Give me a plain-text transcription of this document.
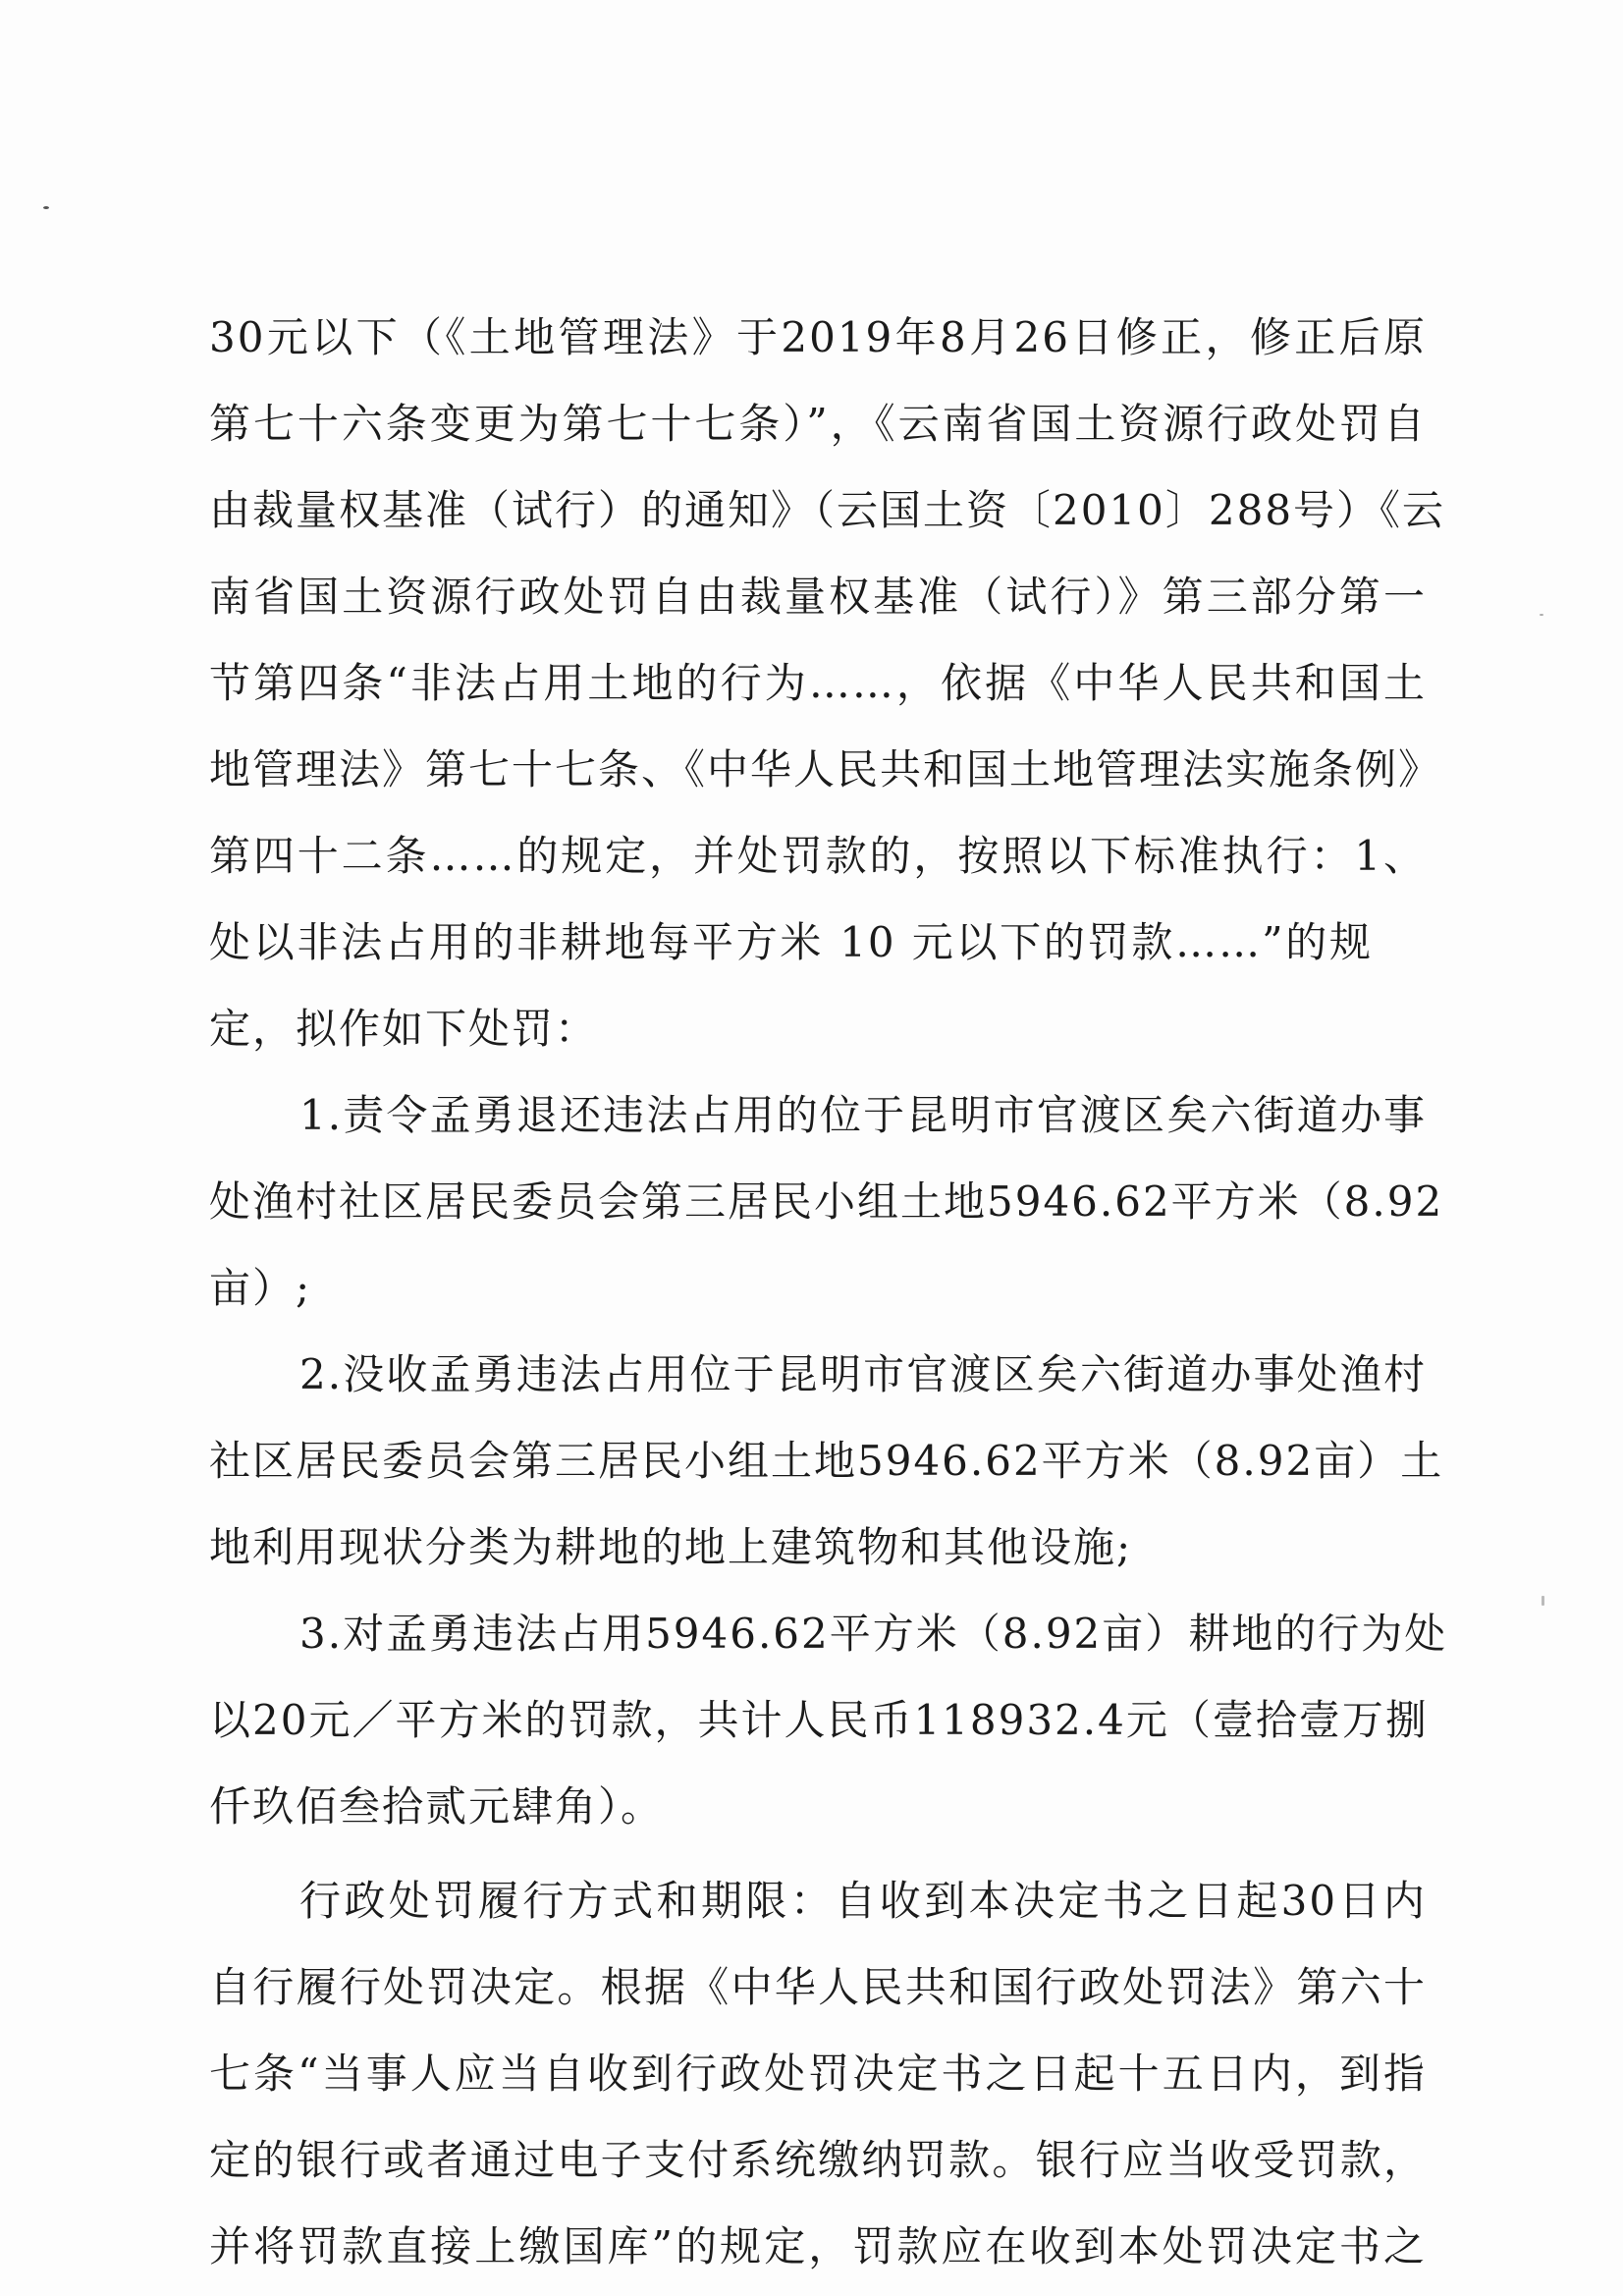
30元以下（《土地管理法》于2019年8月26日修正，修正后原
第七十六条变更为第七十七条）”，《云南省国土资源行政处罚自
由裁量权基准（试行）的通知》（云国土资〔2010〕288号）《云
南省国土资源行政处罚自由裁量权基准（试行）》第三部分第一
节第四条“非法占用土地的行为……，依据《中华人民共和国土
地管理法》第七十七条、《中华人民共和国土地管理法实施条例》
第四十二条……的规定，并处罚款的，按照以下标准执行：1、
处以非法占用的非耕地每平方米 10 元以下的罚款……”的规
定，拟作如下处罚：
1.责令孟勇退还违法占用的位于昆明市官渡区矣六街道办事
处渔村社区居民委员会第三居民小组土地5946.62平方米（8.92
亩）;
2.没收孟勇违法占用位于昆明市官渡区矣六街道办事处渔村
社区居民委员会第三居民小组土地5946.62平方米（8.92亩）土
地利用现状分类为耕地的地上建筑物和其他设施;
3.对孟勇违法占用5946.62平方米（8.92亩）耕地的行为处
以20元／平方米的罚款，共计人民币118932.4元（壹拾壹万捌
仟玖佰叁拾贰元肆角）。
行政处罚履行方式和期限：自收到本决定书之日起30日内
自行履行处罚决定。根据《中华人民共和国行政处罚法》第六十
七条“当事人应当自收到行政处罚决定书之日起十五日内，到指
定的银行或者通过电子支付系统缴纳罚款。银行应当收受罚款，
并将罚款直接上缴国库”的规定，罚款应在收到本处罚决定书之
